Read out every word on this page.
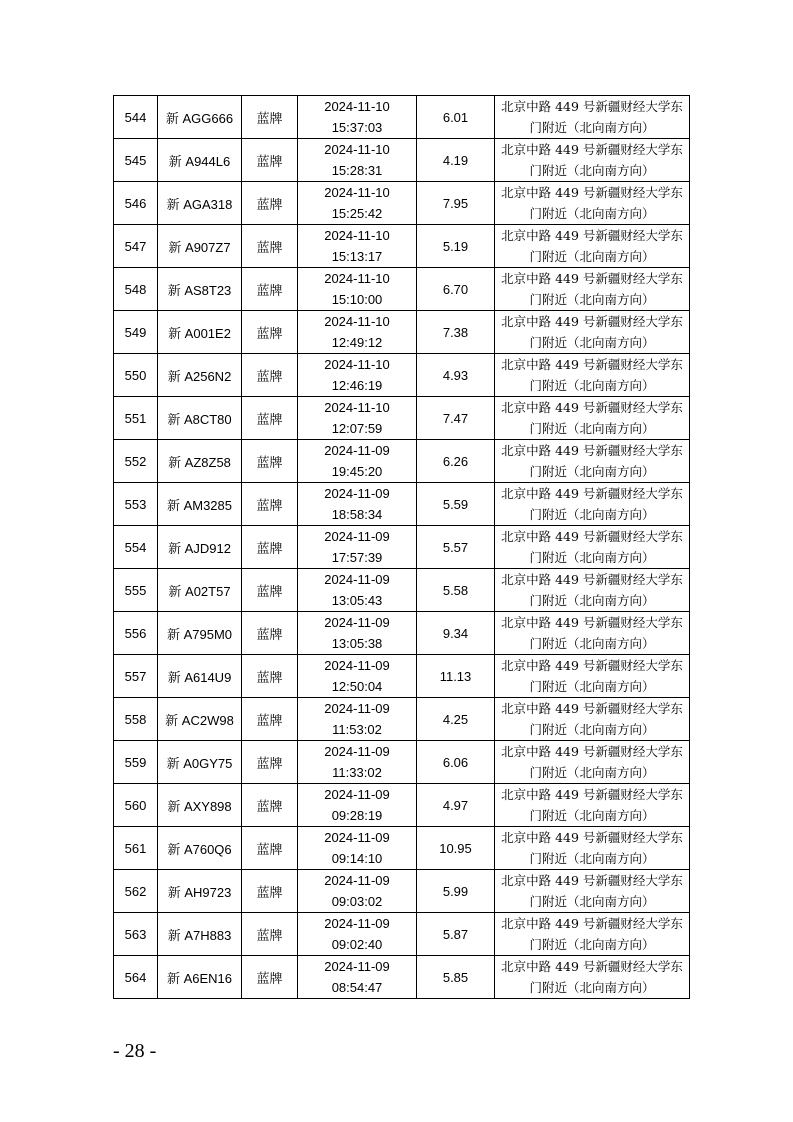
544	新 AGG666	蓝牌	2024-11-10
15:37:03	6.01	北京中路 449 号新疆财经大学东
门附近（北向南方向）

545	新 A944L6	蓝牌	2024-11-10
15:28:31	4.19	北京中路 449 号新疆财经大学东
门附近（北向南方向）

546	新 AGA318	蓝牌	2024-11-10
15:25:42	7.95	北京中路 449 号新疆财经大学东
门附近（北向南方向）

547	新 A907Z7	蓝牌	2024-11-10
15:13:17	5.19	北京中路 449 号新疆财经大学东
门附近（北向南方向）

548	新 AS8T23	蓝牌	2024-11-10
15:10:00	6.70	北京中路 449 号新疆财经大学东
门附近（北向南方向）

549	新 A001E2	蓝牌	2024-11-10
12:49:12	7.38	北京中路 449 号新疆财经大学东
门附近（北向南方向）

550	新 A256N2	蓝牌	2024-11-10
12:46:19	4.93	北京中路 449 号新疆财经大学东
门附近（北向南方向）

551	新 A8CT80	蓝牌	2024-11-10
12:07:59	7.47	北京中路 449 号新疆财经大学东
门附近（北向南方向）

552	新 AZ8Z58	蓝牌	2024-11-09
19:45:20	6.26	北京中路 449 号新疆财经大学东
门附近（北向南方向）

553	新 AM3285	蓝牌	2024-11-09
18:58:34	5.59	北京中路 449 号新疆财经大学东
门附近（北向南方向）

554	新 AJD912	蓝牌	2024-11-09
17:57:39	5.57	北京中路 449 号新疆财经大学东
门附近（北向南方向）

555	新 A02T57	蓝牌	2024-11-09
13:05:43	5.58	北京中路 449 号新疆财经大学东
门附近（北向南方向）

556	新 A795M0	蓝牌	2024-11-09
13:05:38	9.34	北京中路 449 号新疆财经大学东
门附近（北向南方向）

557	新 A614U9	蓝牌	2024-11-09
12:50:04	11.13	北京中路 449 号新疆财经大学东
门附近（北向南方向）

558	新 AC2W98	蓝牌	2024-11-09
11:53:02	4.25	北京中路 449 号新疆财经大学东
门附近（北向南方向）

559	新 A0GY75	蓝牌	2024-11-09
11:33:02	6.06	北京中路 449 号新疆财经大学东
门附近（北向南方向）

560	新 AXY898	蓝牌	2024-11-09
09:28:19	4.97	北京中路 449 号新疆财经大学东
门附近（北向南方向）

561	新 A760Q6	蓝牌	2024-11-09
09:14:10	10.95	北京中路 449 号新疆财经大学东
门附近（北向南方向）

562	新 AH9723	蓝牌	2024-11-09
09:03:02	5.99	北京中路 449 号新疆财经大学东
门附近（北向南方向）

563	新 A7H883	蓝牌	2024-11-09
09:02:40	5.87	北京中路 449 号新疆财经大学东
门附近（北向南方向）

564	新 A6EN16	蓝牌	2024-11-09
08:54:47	5.85	北京中路 449 号新疆财经大学东
门附近（北向南方向）
- 28 -
